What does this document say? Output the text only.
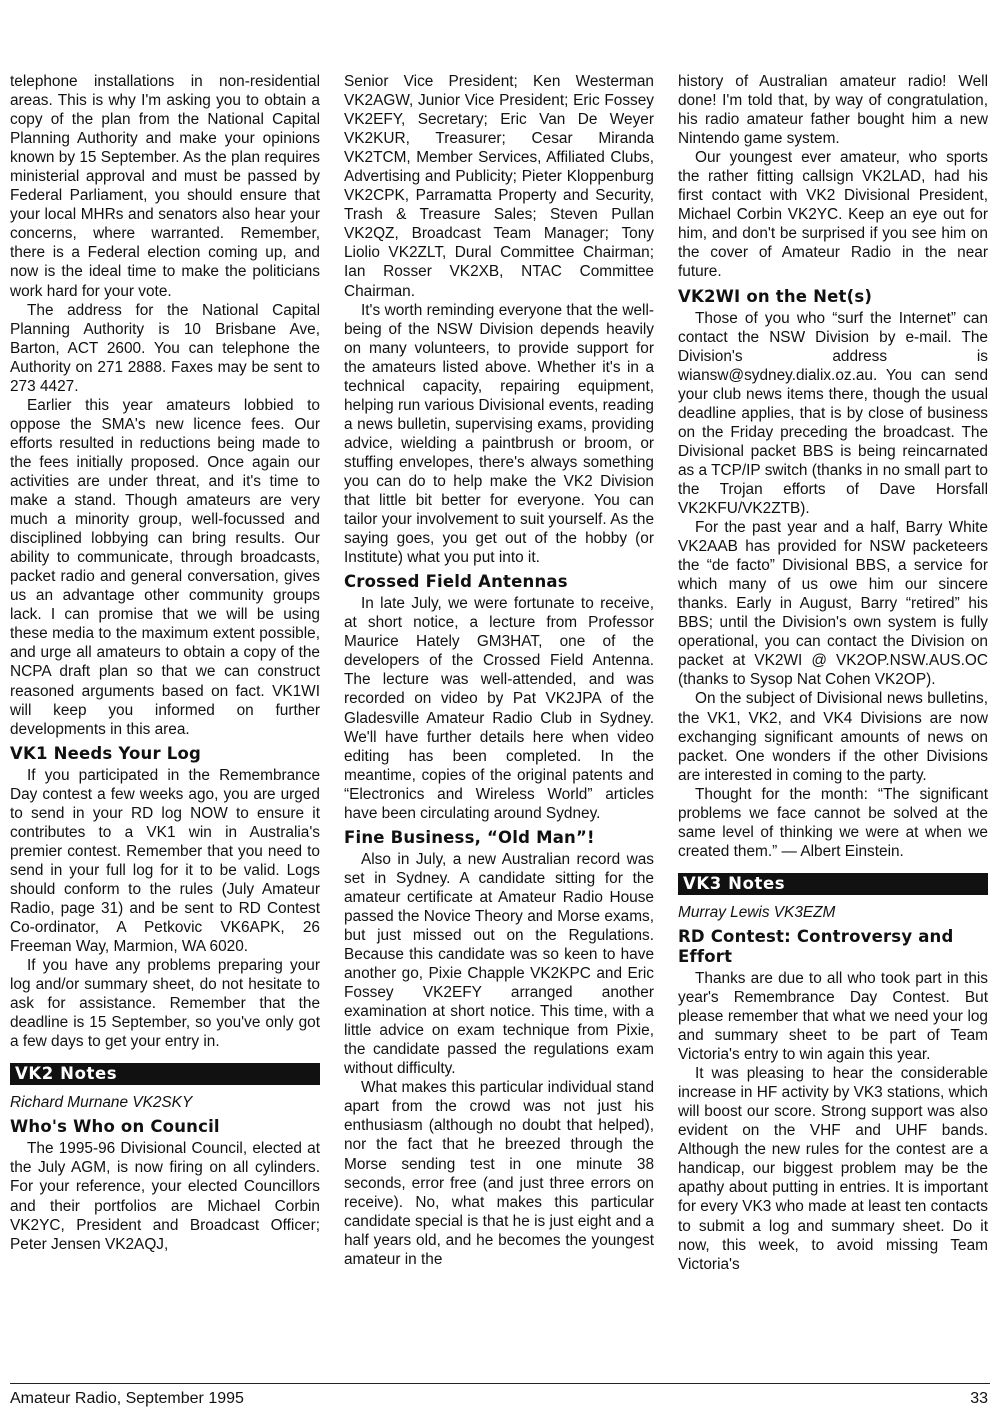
telephone installations in non-residential areas. This is why I'm asking you to obtain a copy of the plan from the National Capital Planning Authority and make your opinions known by 15 September. As the plan requires ministerial approval and must be passed by Federal Parliament, you should ensure that your local MHRs and senators also hear your concerns, where warranted. Remember, there is a Federal election coming up, and now is the ideal time to make the politicians work hard for your vote.

The address for the National Capital Planning Authority is 10 Brisbane Ave, Barton, ACT 2600. You can telephone the Authority on 271 2888. Faxes may be sent to 273 4427.

Earlier this year amateurs lobbied to oppose the SMA's new licence fees. Our efforts resulted in reductions being made to the fees initially proposed. Once again our activities are under threat, and it's time to make a stand. Though amateurs are very much a minority group, well-focussed and disciplined lobbying can bring results. Our ability to communicate, through broadcasts, packet radio and general conversation, gives us an advantage other community groups lack. I can promise that we will be using these media to the maximum extent possible, and urge all amateurs to obtain a copy of the NCPA draft plan so that we can construct reasoned arguments based on fact. VK1WI will keep you informed on further developments in this area.

VK1 Needs Your Log

If you participated in the Remembrance Day contest a few weeks ago, you are urged to send in your RD log NOW to ensure it contributes to a VK1 win in Australia's premier contest. Remember that you need to send in your full log for it to be valid. Logs should conform to the rules (July Amateur Radio, page 31) and be sent to RD Contest Co-ordinator, A Petkovic VK6APK, 26 Freeman Way, Marmion, WA 6020.

If you have any problems preparing your log and/or summary sheet, do not hesitate to ask for assistance. Remember that the deadline is 15 September, so you've only got a few days to get your entry in.

VK2 Notes
Richard Murnane VK2SKY
Who's Who on Council

The 1995-96 Divisional Council, elected at the July AGM, is now firing on all cylinders. For your reference, your elected Councillors and their portfolios are Michael Corbin VK2YC, President and Broadcast Officer; Peter Jensen VK2AQJ,

Senior Vice President; Ken Westerman VK2AGW, Junior Vice President; Eric Fossey VK2EFY, Secretary; Eric Van De Weyer VK2KUR, Treasurer; Cesar Miranda VK2TCM, Member Services, Affiliated Clubs, Advertising and Publicity; Pieter Kloppenburg VK2CPK, Parramatta Property and Security, Trash & Treasure Sales; Steven Pullan VK2QZ, Broadcast Team Manager; Tony Liolio VK2ZLT, Dural Committee Chairman; Ian Rosser VK2XB, NTAC Committee Chairman.

It's worth reminding everyone that the well-being of the NSW Division depends heavily on many volunteers, to provide support for the amateurs listed above. Whether it's in a technical capacity, repairing equipment, helping run various Divisional events, reading a news bulletin, supervising exams, providing advice, wielding a paintbrush or broom, or stuffing envelopes, there's always something you can do to help make the VK2 Division that little bit better for everyone. You can tailor your involvement to suit yourself. As the saying goes, you get out of the hobby (or Institute) what you put into it.

Crossed Field Antennas

In late July, we were fortunate to receive, at short notice, a lecture from Professor Maurice Hately GM3HAT, one of the developers of the Crossed Field Antenna. The lecture was well-attended, and was recorded on video by Pat VK2JPA of the Gladesville Amateur Radio Club in Sydney. We'll have further details here when video editing has been completed. In the meantime, copies of the original patents and “Electronics and Wireless World” articles have been circulating around Sydney.

Fine Business, “Old Man”!

Also in July, a new Australian record was set in Sydney. A candidate sitting for the amateur certificate at Amateur Radio House passed the Novice Theory and Morse exams, but just missed out on the Regulations. Because this candidate was so keen to have another go, Pixie Chapple VK2KPC and Eric Fossey VK2EFY arranged another examination at short notice. This time, with a little advice on exam technique from Pixie, the candidate passed the regulations exam without difficulty.

What makes this particular individual stand apart from the crowd was not just his enthusiasm (although no doubt that helped), nor the fact that he breezed through the Morse sending test in one minute 38 seconds, error free (and just three errors on receive). No, what makes this particular candidate special is that he is just eight and a half years old, and he becomes the youngest amateur in the

history of Australian amateur radio! Well done! I'm told that, by way of congratulation, his radio amateur father bought him a new Nintendo game system.

Our youngest ever amateur, who sports the rather fitting callsign VK2LAD, had his first contact with VK2 Divisional President, Michael Corbin VK2YC. Keep an eye out for him, and don't be surprised if you see him on the cover of Amateur Radio in the near future.

VK2WI on the Net(s)

Those of you who “surf the Internet” can contact the NSW Division by e-mail. The Division's address is wiansw@sydney.dialix.oz.au. You can send your club news items there, though the usual deadline applies, that is by close of business on the Friday preceding the broadcast. The Divisional packet BBS is being reincarnated as a TCP/IP switch (thanks in no small part to the Trojan efforts of Dave Horsfall VK2KFU/VK2ZTB).

For the past year and a half, Barry White VK2AAB has provided for NSW packeteers the “de facto” Divisional BBS, a service for which many of us owe him our sincere thanks. Early in August, Barry “retired” his BBS; until the Division's own system is fully operational, you can contact the Division on packet at VK2WI @ VK2OP.NSW.AUS.OC (thanks to Sysop Nat Cohen VK2OP).

On the subject of Divisional news bulletins, the VK1, VK2, and VK4 Divisions are now exchanging significant amounts of news on packet. One wonders if the other Divisions are interested in coming to the party.

Thought for the month: “The significant problems we face cannot be solved at the same level of thinking we were at when we created them.” — Albert Einstein.

VK3 Notes
Murray Lewis VK3EZM
RD Contest: Controversy and Effort

Thanks are due to all who took part in this year's Remembrance Day Contest. But please remember that what we need your log and summary sheet to be part of Team Victoria's entry to win again this year.

It was pleasing to hear the considerable increase in HF activity by VK3 stations, which will boost our score. Strong support was also evident on the VHF and UHF bands. Although the new rules for the contest are a handicap, our biggest problem may be the apathy about putting in entries. It is important for every VK3 who made at least ten contacts to submit a log and summary sheet. Do it now, this week, to avoid missing Team Victoria's

Amateur Radio, September 1995	33
